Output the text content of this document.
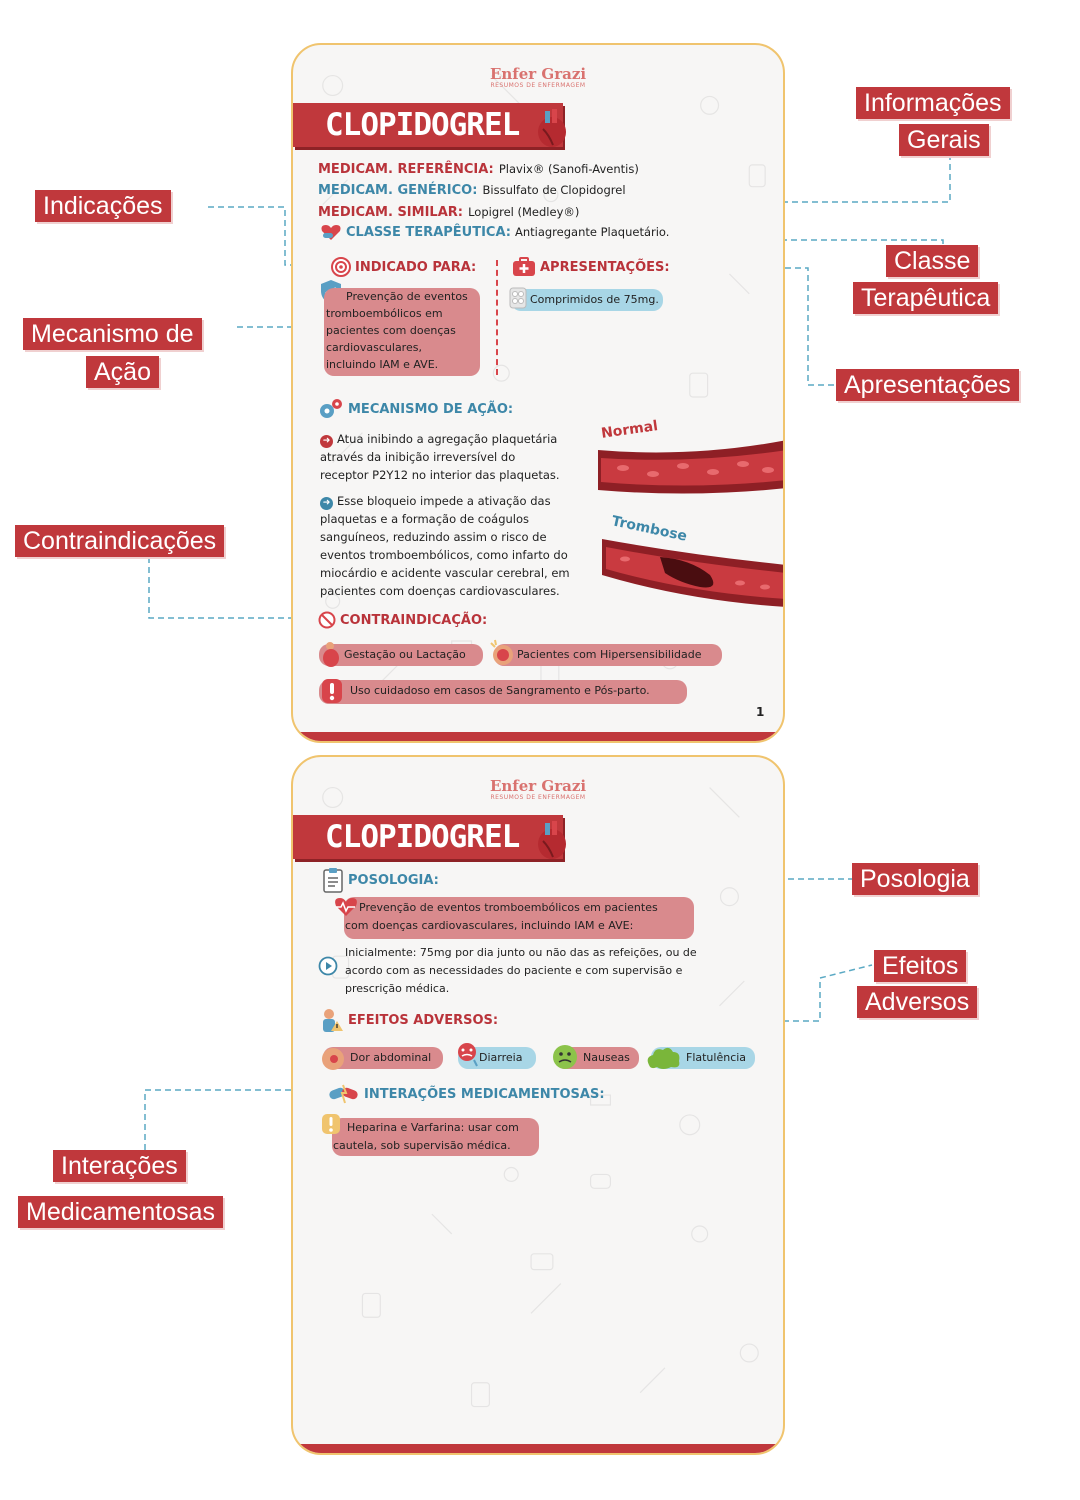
Informações
Gerais
Indicações
Classe
Terapêutica
Mecanismo de
Ação	Apresentações
Contraindicações
Posologia
Efeitos
Adversos
Interações
Medicamentosas
Enfer Grazi
RESUMOS DE ENFERMAGEM
CLOPIDOGREL
MEDICAM. REFERÊNCIA: Plavix® (Sanofi-Aventis)
MEDICAM. GENÉRICO: Bissulfato de Clopidogrel
MEDICAM. SIMILAR: Lopigrel (Medley®)
CLASSE TERAPÊUTICA: Antiagregante Plaquetário.
INDICADO PARA:
Prevenção de eventos
tromboembólicos em
pacientes com doenças
cardiovasculares,
incluindo IAM e AVE.
APRESENTAÇÕES:
Comprimidos de 75mg.
MECANISMO DE AÇÃO:
➜ Atua inibindo a agregação plaquetária
através da inibição irreversível do
receptor P2Y12 no interior das plaquetas.
➜ Esse bloqueio impede a ativação das
plaquetas e a formação de coágulos
sanguíneos, reduzindo assim o risco de
eventos tromboembólicos, como infarto do
miocárdio e acidente vascular cerebral, em
pacientes com doenças cardiovasculares.
Normal
Trombose
CONTRAINDICAÇÃO:
Gestação ou Lactação	Pacientes com Hipersensibilidade
Uso cuidadoso em casos de Sangramento e Pós-parto.
1
Enfer Grazi
RESUMOS DE ENFERMAGEM
CLOPIDOGREL
POSOLOGIA:
Prevenção de eventos tromboembólicos em pacientes
com doenças cardiovasculares, incluindo IAM e AVE:
Inicialmente: 75mg por dia junto ou não das as refeições, ou de
acordo com as necessidades do paciente e com supervisão e
prescrição médica.
EFEITOS ADVERSOS:
Dor abdominal	Diarreia	Nauseas	Flatulência
INTERAÇÕES MEDICAMENTOSAS:
Heparina e Varfarina: usar com
cautela, sob supervisão médica.
